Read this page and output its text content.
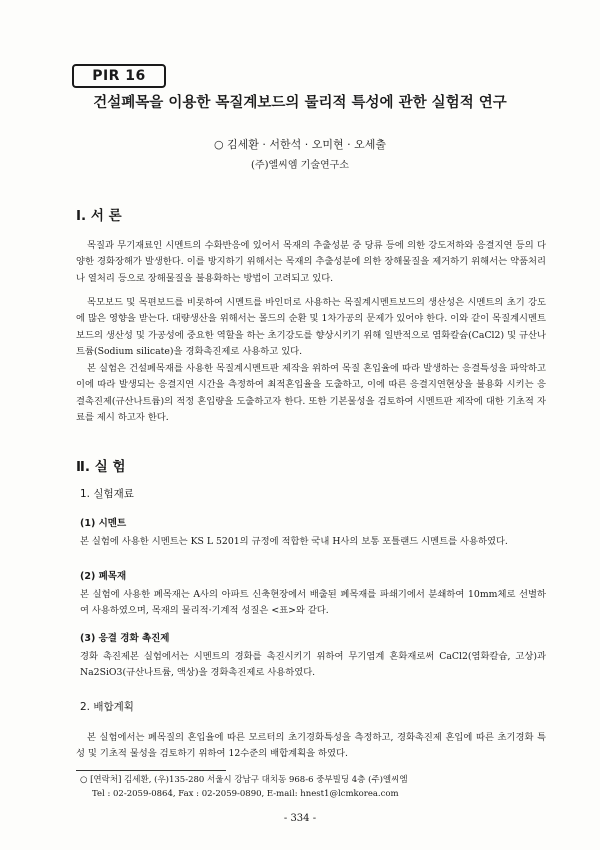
PIR 16
건설폐목을 이용한 목질계보드의 물리적 특성에 관한 실험적 연구
○ 김세환 · 서한석 · 오미현 · 오세출
(주)엘씨엠 기술연구소
Ⅰ. 서 론

목질과 무기재료인 시멘트의 수화반응에 있어서 목재의 추출성분 중 당류 등에 의한 강도저하와 응결지연 등의 다양한 경화장해가 발생한다. 이를 방지하기 위해서는 목재의 추출성분에 의한 장해물질을 제거하기 위해서는 약품처리나 열처리 등으로 장해물질을 불용화하는 방법이 고려되고 있다.

목모보드 및 목편보드를 비롯하여 시멘트를 바인더로 사용하는 목질계시멘트보드의 생산성은 시멘트의 초기 강도에 많은 영향을 받는다. 대량생산을 위해서는 몰드의 순환 및 1차가공의 문제가 있어야 한다. 이와 같이 목질계시멘트보드의 생산성 및 가공성에 중요한 역할을 하는 초기강도를 향상시키기 위해 일반적으로 염화칼슘(CaCl2) 및 규산나트륨(Sodium silicate)을 경화촉진제로 사용하고 있다.

본 실험은 건설폐목재를 사용한 목질계시멘트판 제작을 위하여 목질 혼입율에 따라 발생하는 응결특성을 파악하고 이에 따라 발생되는 응결지연 시간을 측정하여 최적혼입율을 도출하고, 이에 따른 응결지연현상을 불용화 시키는 응결촉진제(규산나트륨)의 적정 혼입량을 도출하고자 한다. 또한 기본물성을 검토하여 시멘트판 제작에 대한 기초적 자료를 제시 하고자 한다.

Ⅱ. 실 험
1. 실험재료
(1) 시멘트

본 실험에 사용한 시멘트는 KS L 5201의 규정에 적합한 국내 H사의 보통 포틀랜드 시멘트를 사용하였다.

(2) 폐목재

본 실험에 사용한 폐목재는 A사의 아파트 신축현장에서 배출된 폐목재를 파쇄기에서 분쇄하여 10mm체로 선별하여 사용하였으며, 목재의 물리적·기계적 성질은 <표>와 같다.

(3) 응결 경화 촉진제

경화 촉진제본 실험에서는 시멘트의 경화를 촉진시키기 위하여 무기염계 혼화재로써 CaCl2(염화칼슘, 고상)과 Na2SiO3(규산나트륨, 액상)을 경화촉진제로 사용하였다.

2. 배합계획

본 실험에서는 폐목질의 혼입율에 따른 모르터의 초기경화특성을 측정하고, 경화촉진제 혼입에 따른 초기경화 특성 및 기초적 물성을 검토하기 위하여 12수준의 배합계획을 하였다.

○ [연락처] 김세환, (우)135-280 서울시 강남구 대치동 968-6 중부빌딩 4층 (주)엘씨엠
Tel : 02-2059-0864, Fax : 02-2059-0890, E-mail: hnest1@lcmkorea.com
- 334 -
